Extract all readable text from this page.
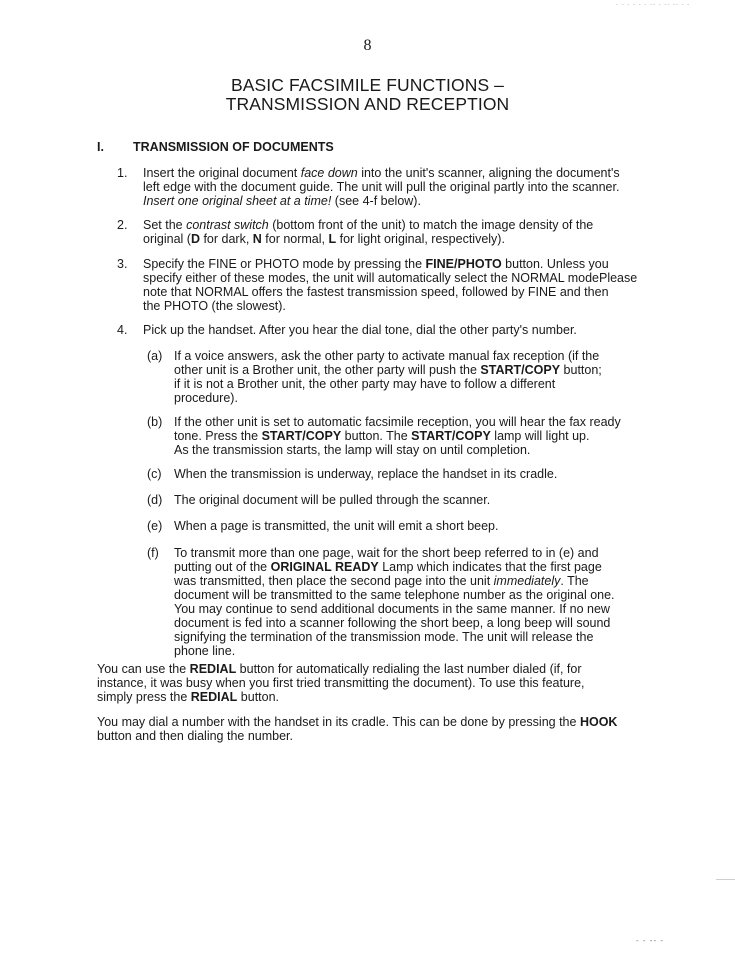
- - - - - - -- - -- -- - -
8
BASIC FACSIMILE FUNCTIONS –
TRANSMISSION AND RECEPTION
I. TRANSMISSION OF DOCUMENTS
1. Insert the original document face down into the unit's scanner, aligning the document's
left edge with the document guide. The unit will pull the original partly into the scanner.
Insert one original sheet at a time! (see 4-f below).
2. Set the contrast switch (bottom front of the unit) to match the image density of the
original (D for dark, N for normal, L for light original, respectively).
3. Specify the FINE or PHOTO mode by pressing the FINE/PHOTO button. Unless you
specify either of these modes, the unit will automatically select the NORMAL modePlease
note that NORMAL offers the fastest transmission speed, followed by FINE and then
the PHOTO (the slowest).
4. Pick up the handset. After you hear the dial tone, dial the other party's number.
(a) If a voice answers, ask the other party to activate manual fax reception (if the
other unit is a Brother unit, the other party will push the START/COPY button;
if it is not a Brother unit, the other party may have to follow a different
procedure).
(b) If the other unit is set to automatic facsimile reception, you will hear the fax ready
tone. Press the START/COPY button. The START/COPY lamp will light up.
As the transmission starts, the lamp will stay on until completion.
(c) When the transmission is underway, replace the handset in its cradle.
(d) The original document will be pulled through the scanner.
(e) When a page is transmitted, the unit will emit a short beep.
(f) To transmit more than one page, wait for the short beep referred to in (e) and
putting out of the ORIGINAL READY Lamp which indicates that the first page
was transmitted, then place the second page into the unit immediately. The
document will be transmitted to the same telephone number as the original one.
You may continue to send additional documents in the same manner. If no new
document is fed into a scanner following the short beep, a long beep will sound
signifying the termination of the transmission mode. The unit will release the
phone line.
You can use the REDIAL button for automatically redialing the last number dialed (if, for
instance, it was busy when you first tried transmitting the document). To use this feature,
simply press the REDIAL button.
You may dial a number with the handset in its cradle. This can be done by pressing the HOOK
button and then dialing the number.
- - -- -
